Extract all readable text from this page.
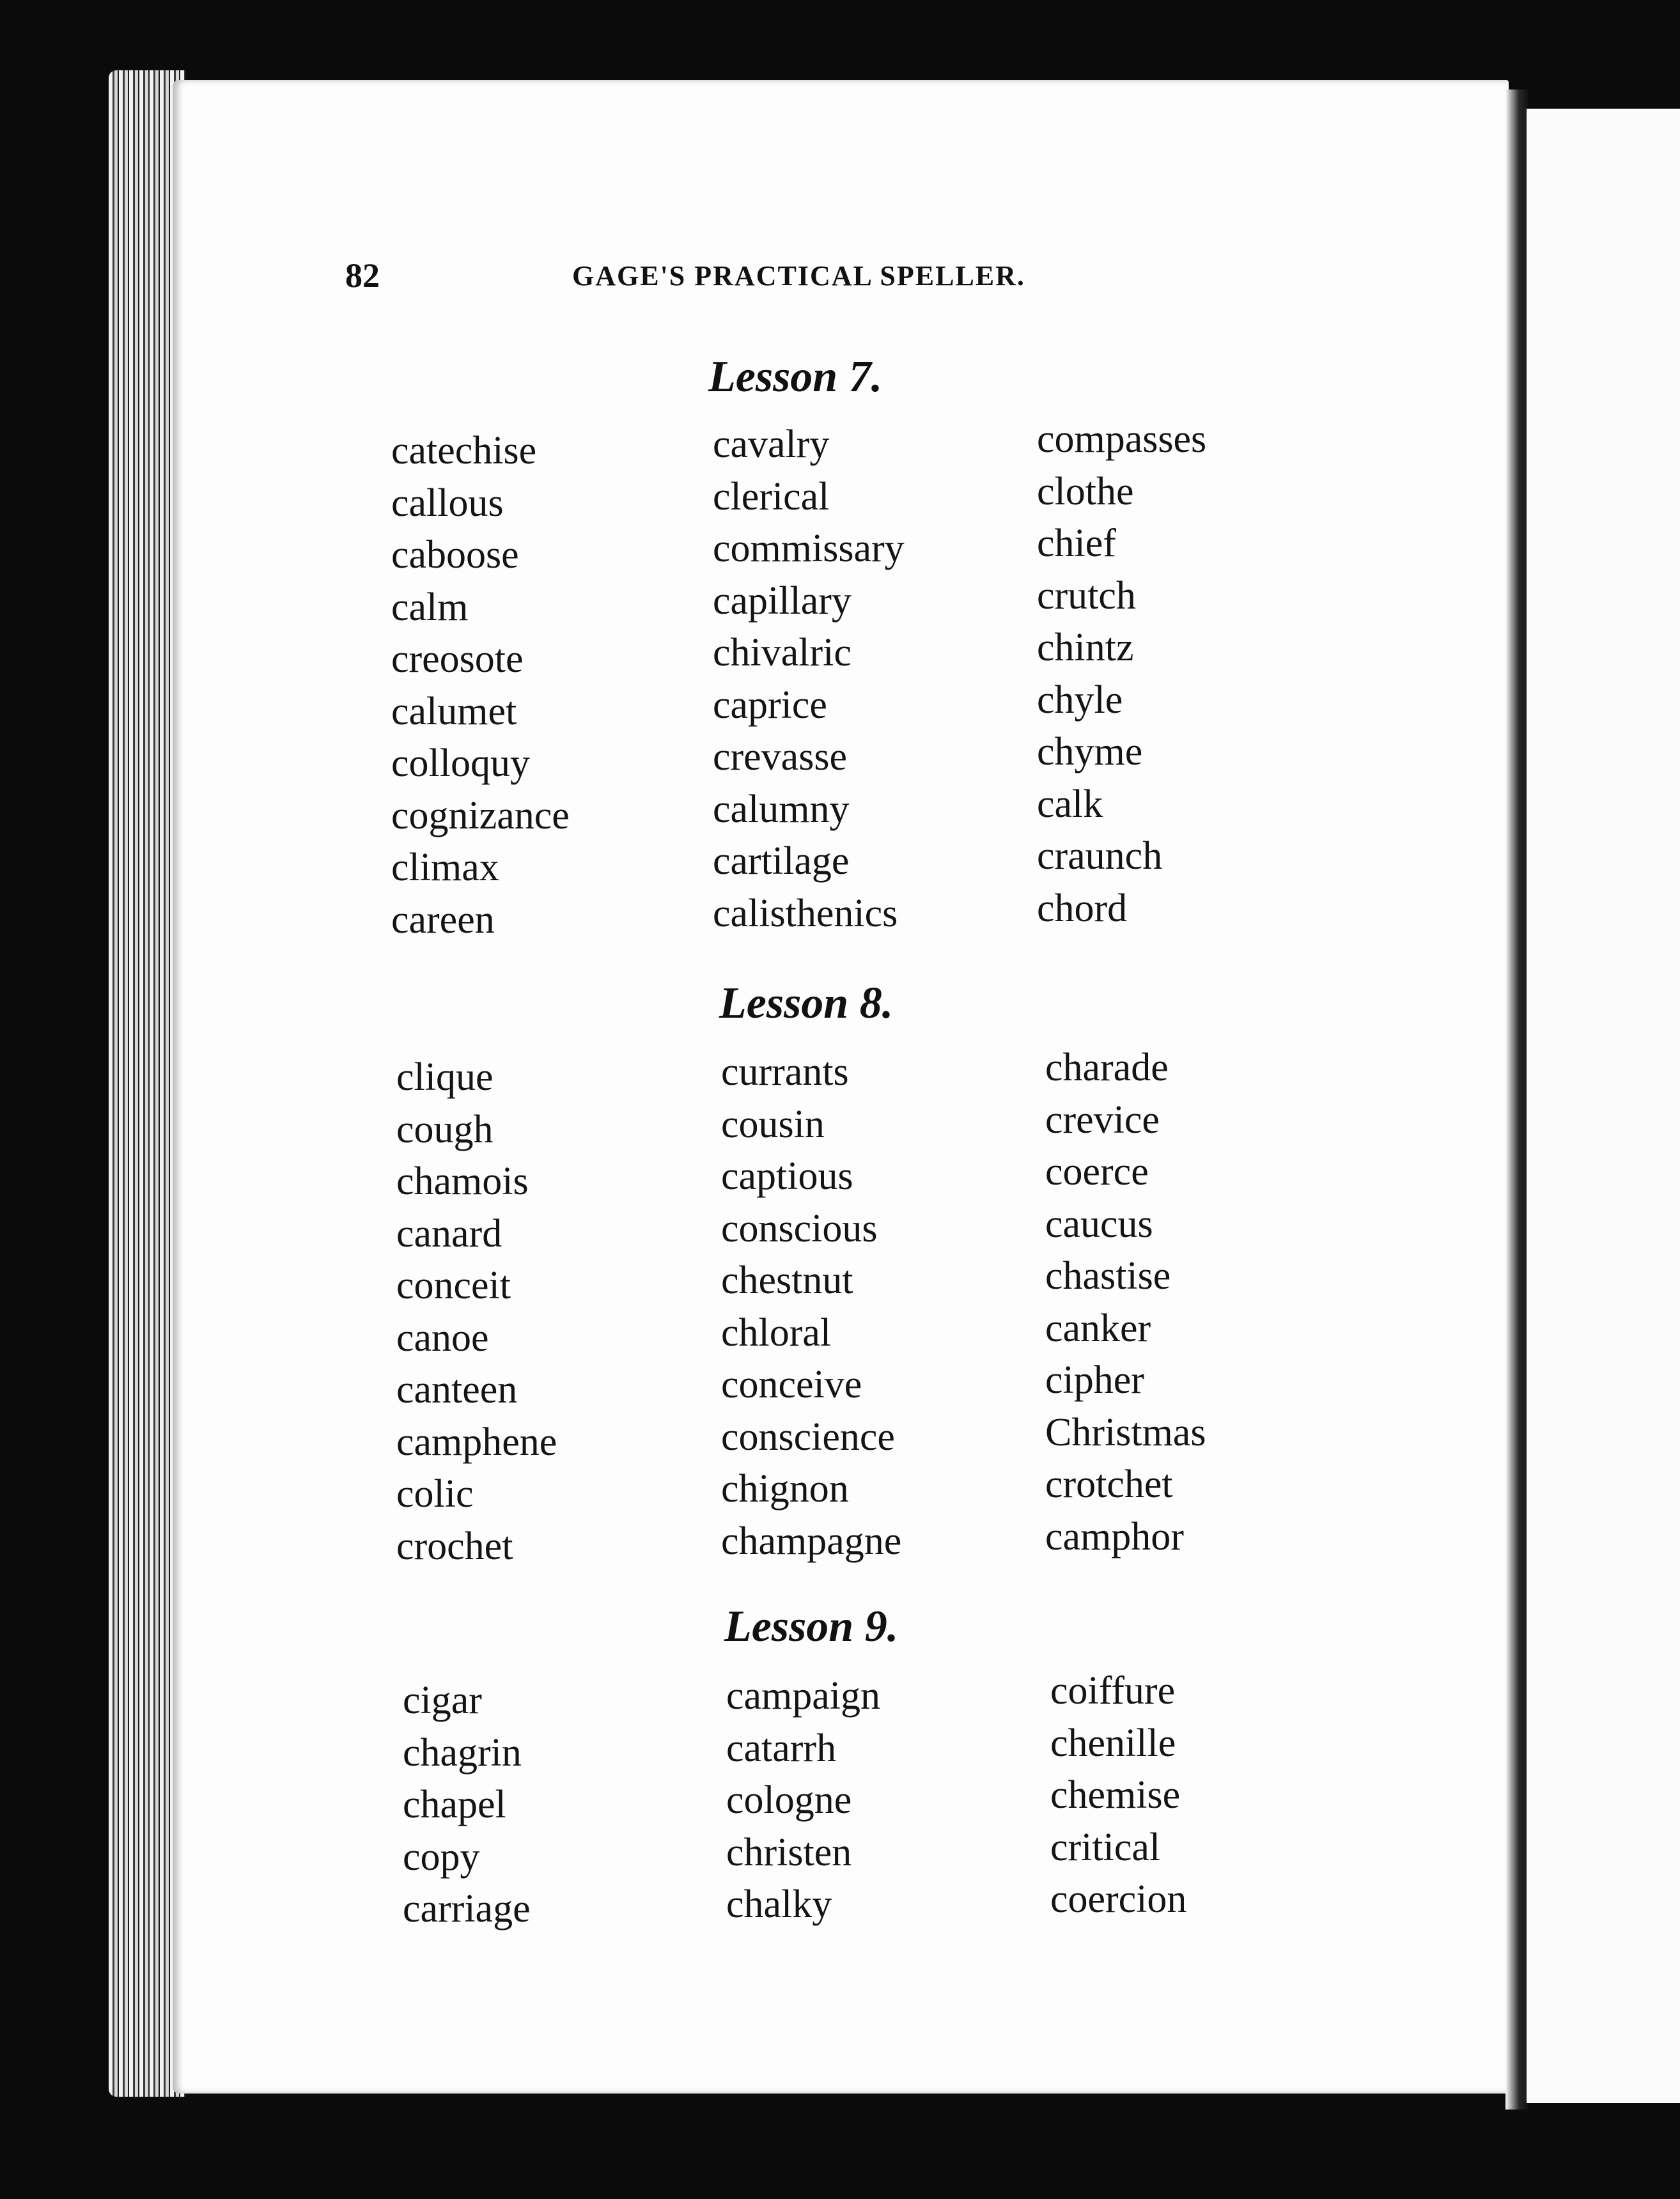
82	GAGE'S PRACTICAL SPELLER.
Lesson 7.
catechise
callous
caboose
calm
creosote
calumet
colloquy
cognizance
climax
careen
cavalry
clerical
commissary
capillary
chivalric
caprice
crevasse
calumny
cartilage
calisthenics
compasses
clothe
chief
crutch
chintz
chyle
chyme
calk
craunch
chord
Lesson 8.
clique
cough
chamois
canard
conceit
canoe
canteen
camphene
colic
crochet
currants
cousin
captious
conscious
chestnut
chloral
conceive
conscience
chignon
champagne
charade
crevice
coerce
caucus
chastise
canker
cipher
Christmas
crotchet
camphor
Lesson 9.
cigar
chagrin
chapel
copy
carriage
campaign
catarrh
cologne
christen
chalky
coiffure
chenille
chemise
critical
coercion
